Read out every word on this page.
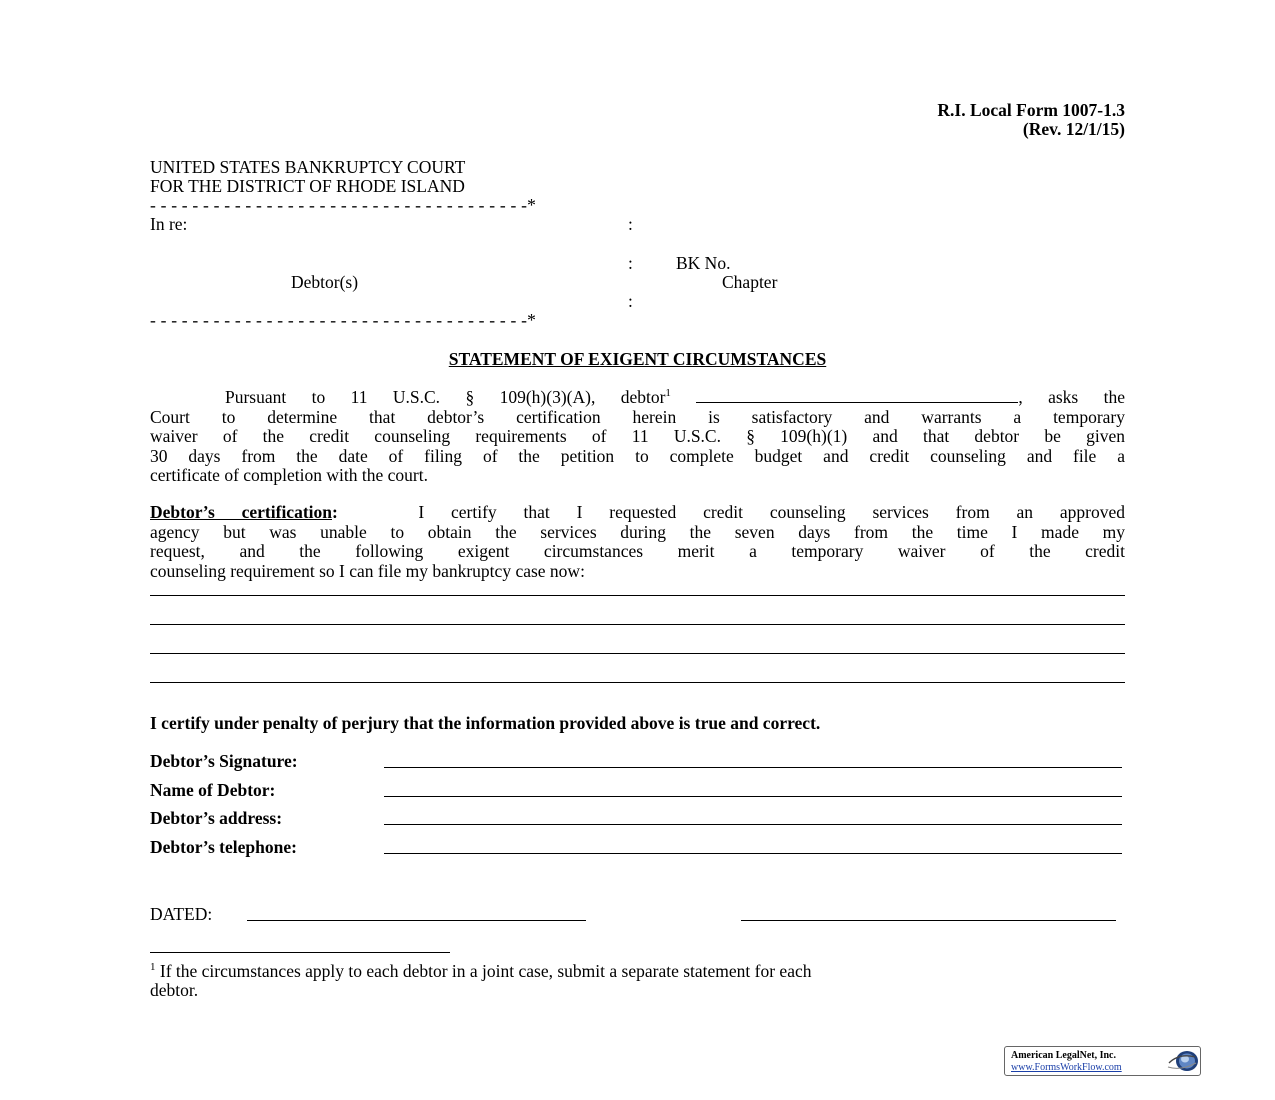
R.I. Local Form 1007-1.3
(Rev. 12/1/15)
UNITED STATES BANKRUPTCY COURT
FOR THE DISTRICT OF RHODE ISLAND
- - - - - - - - - - - - - - - - - - - - - - - - - - - - - - - - - - - -*
In re:	:
: BK No.
Debtor(s)	Chapter
:
- - - - - - - - - - - - - - - - - - - - - - - - - - - - - - - - - - - -*
STATEMENT OF EXIGENT CIRCUMSTANCES
Pursuant to 11 U.S.C. § 109(h)(3)(A), debtor$^1$	, asks the
Court to determine that debtor’s certification herein is satisfactory and warrants a temporary
waiver of the credit counseling requirements of 11 U.S.C. § 109(h)(1) and that debtor be given
30 days from the date of filing of the petition to complete budget and credit counseling and file a
certificate of completion with the court.
Debtor’s certification:	I certify that I requested credit counseling services from an approved
agency but was unable to obtain the services during the seven days from the time I made my
request, and the following exigent circumstances merit a temporary waiver of the credit
counseling requirement so I can file my bankruptcy case now:
I certify under penalty of perjury that the information provided above is true and correct.
Debtor’s Signature:
Name of Debtor:
Debtor’s address:
Debtor’s telephone:
DATED:
$^1$ If the circumstances apply to each debtor in a joint case, submit a separate statement for each
debtor.
American LegalNet, Inc.
www.FormsWorkFlow.com
